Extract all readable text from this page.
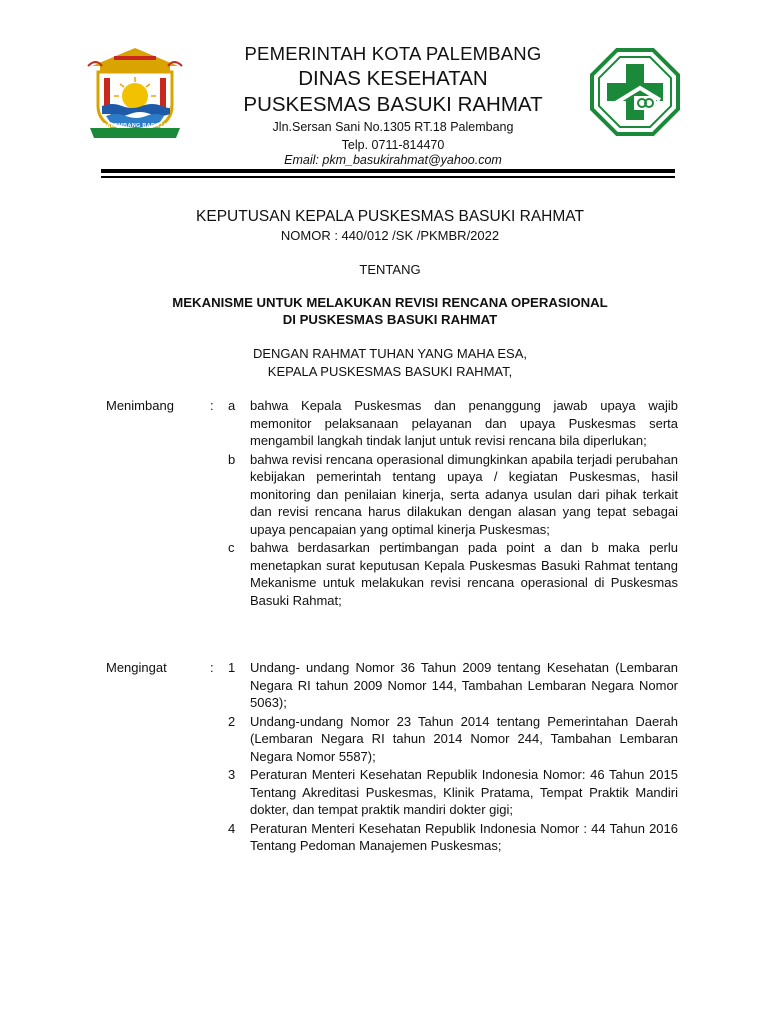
PALEMBANG BARAJA
PEMERINTAH KOTA PALEMBANG
DINAS KESEHATAN
PUSKESMAS BASUKI RAHMAT
Jln.Sersan Sani No.1305 RT.18 Palembang
Telp. 0711-814470
Email: pkm_basukirahmat@yahoo.com
KEPUTUSAN KEPALA PUSKESMAS BASUKI RAHMAT
NOMOR : 440/012 /SK /PKMBR/2022
TENTANG
MEKANISME UNTUK MELAKUKAN REVISI RENCANA OPERASIONAL
DI PUSKESMAS BASUKI RAHMAT
DENGAN RAHMAT TUHAN YANG MAHA ESA,
KEPALA PUSKESMAS BASUKI RAHMAT,
Menimbang	: a bahwa Kepala Puskesmas dan penanggung jawab upaya wajib memonitor pelaksanaan pelayanan dan upaya Puskesmas serta mengambil langkah tindak lanjut untuk revisi rencana bila diperlukan;
b bahwa revisi rencana operasional dimungkinkan apabila terjadi perubahan kebijakan pemerintah tentang upaya / kegiatan Puskesmas, hasil monitoring dan penilaian kinerja, serta adanya usulan dari pihak terkait dan revisi rencana harus dilakukan dengan alasan yang tepat sebagai upaya pencapaian yang optimal kinerja Puskesmas;
c bahwa berdasarkan pertimbangan pada point a dan b maka perlu menetapkan surat keputusan Kepala Puskesmas Basuki Rahmat tentang Mekanisme untuk melakukan revisi rencana operasional di Puskesmas Basuki Rahmat;
Mengingat	: 1 Undang- undang Nomor 36 Tahun 2009 tentang Kesehatan (Lembaran Negara RI tahun 2009 Nomor 144, Tambahan Lembaran Negara Nomor 5063);
2 Undang-undang Nomor 23 Tahun 2014 tentang Pemerintahan Daerah (Lembaran Negara RI tahun 2014 Nomor 244, Tambahan Lembaran Negara Nomor 5587);
3 Peraturan Menteri Kesehatan Republik Indonesia Nomor: 46 Tahun 2015 Tentang Akreditasi Puskesmas, Klinik Pratama, Tempat Praktik Mandiri dokter, dan tempat praktik mandiri dokter gigi;
4 Peraturan Menteri Kesehatan Republik Indonesia Nomor : 44 Tahun 2016 Tentang Pedoman Manajemen Puskesmas;
